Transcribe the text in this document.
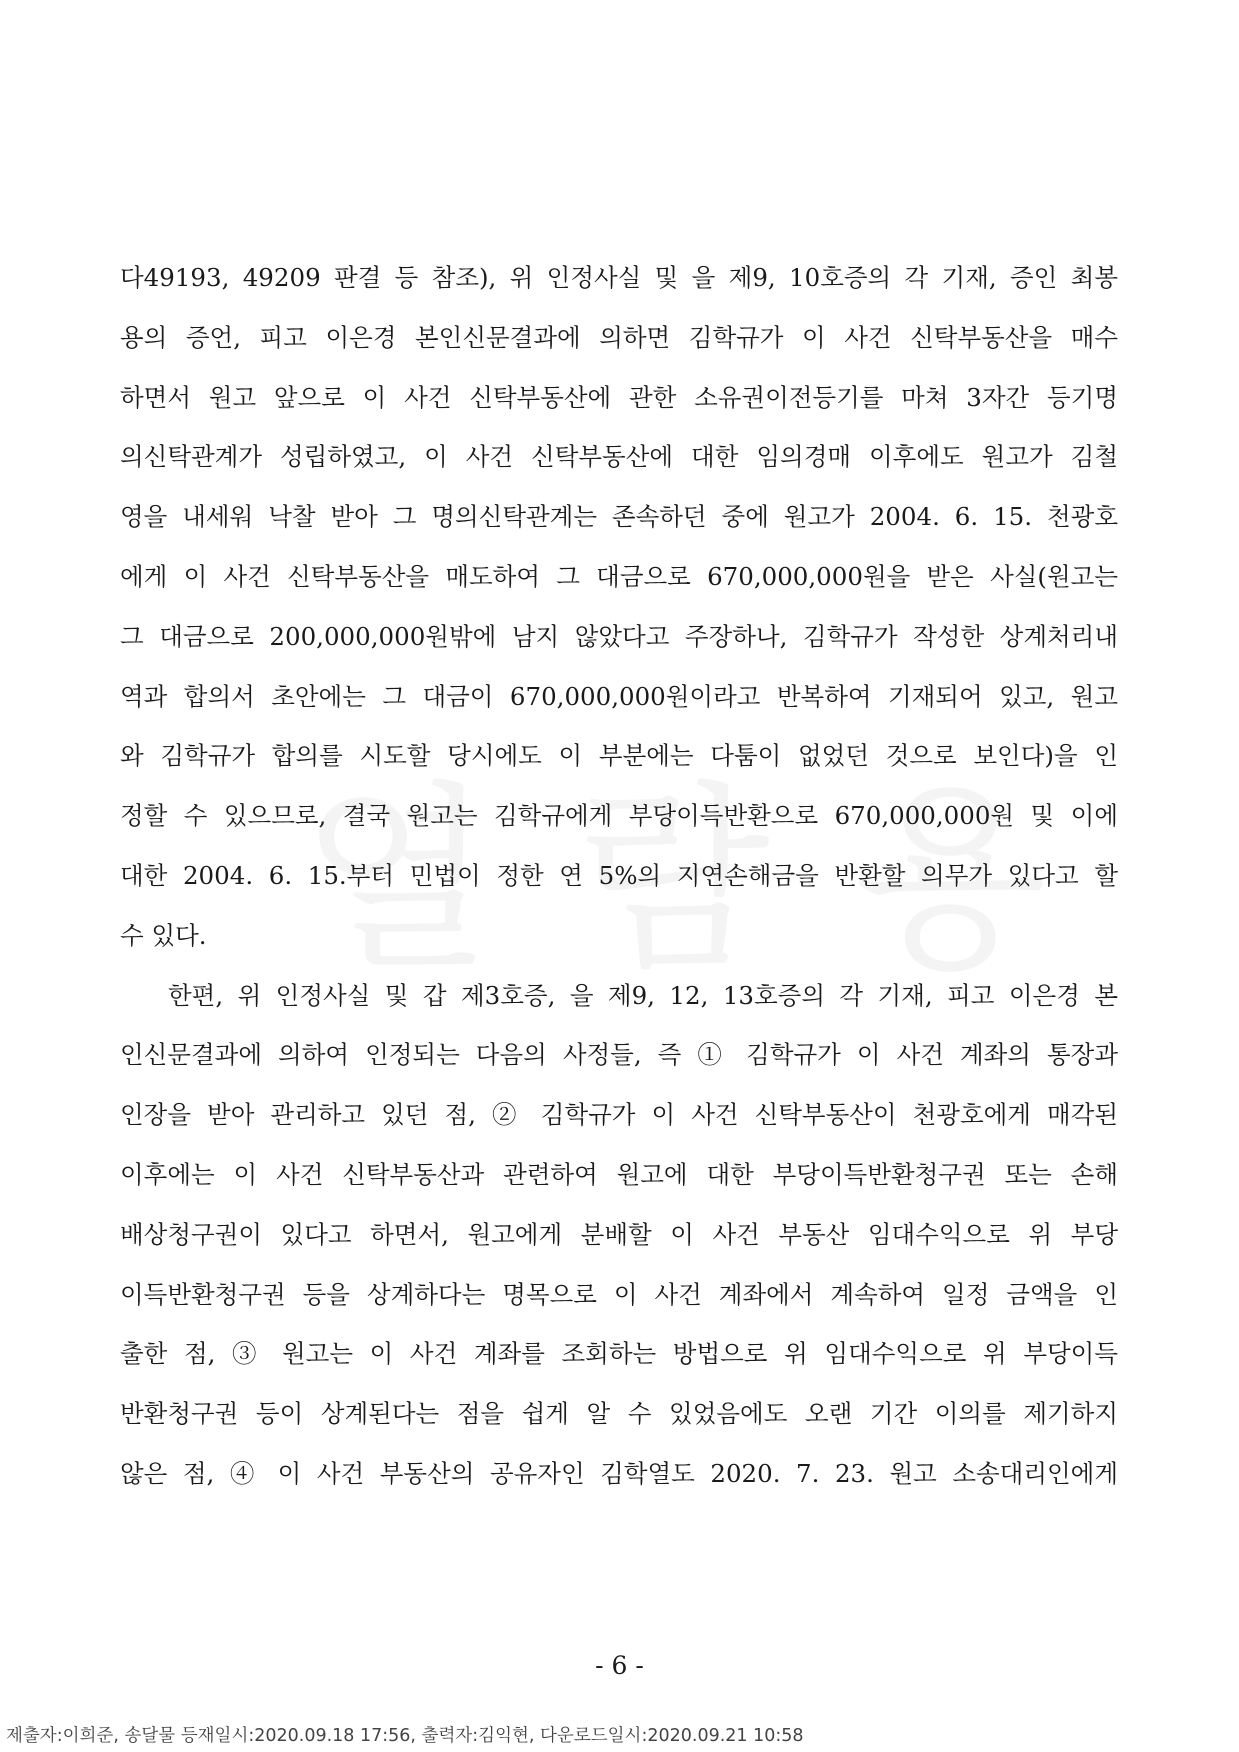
다49193, 49209 판결 등 참조), 위 인정사실 및 을 제9, 10호증의 각 기재, 증인 최봉
용의 증언, 피고 이은경 본인신문결과에 의하면 김학규가 이 사건 신탁부동산을 매수
하면서 원고 앞으로 이 사건 신탁부동산에 관한 소유권이전등기를 마쳐 3자간 등기명
의신탁관계가 성립하였고, 이 사건 신탁부동산에 대한 임의경매 이후에도 원고가 김철
영을 내세워 낙찰 받아 그 명의신탁관계는 존속하던 중에 원고가 2004. 6. 15. 천광호
에게 이 사건 신탁부동산을 매도하여 그 대금으로 670,000,000원을 받은 사실(원고는
그 대금으로 200,000,000원밖에 남지 않았다고 주장하나, 김학규가 작성한 상계처리내
역과 합의서 초안에는 그 대금이 670,000,000원이라고 반복하여 기재되어 있고, 원고
와 김학규가 합의를 시도할 당시에도 이 부분에는 다툼이 없었던 것으로 보인다)을 인
정할 수 있으므로, 결국 원고는 김학규에게 부당이득반환으로 670,000,000원 및 이에
대한 2004. 6. 15.부터 민법이 정한 연 5%의 지연손해금을 반환할 의무가 있다고 할
수 있다.
한편, 위 인정사실 및 갑 제3호증, 을 제9, 12, 13호증의 각 기재, 피고 이은경 본
인신문결과에 의하여 인정되는 다음의 사정들, 즉 ① 김학규가 이 사건 계좌의 통장과
인장을 받아 관리하고 있던 점, ② 김학규가 이 사건 신탁부동산이 천광호에게 매각된
이후에는 이 사건 신탁부동산과 관련하여 원고에 대한 부당이득반환청구권 또는 손해
배상청구권이 있다고 하면서, 원고에게 분배할 이 사건 부동산 임대수익으로 위 부당
이득반환청구권 등을 상계하다는 명목으로 이 사건 계좌에서 계속하여 일정 금액을 인
출한 점, ③ 원고는 이 사건 계좌를 조회하는 방법으로 위 임대수익으로 위 부당이득
반환청구권 등이 상계된다는 점을 쉽게 알 수 있었음에도 오랜 기간 이의를 제기하지
않은 점, ④ 이 사건 부동산의 공유자인 김학열도 2020. 7. 23. 원고 소송대리인에게
- 6 -
제출자:이희준, 송달물 등재일시:2020.09.18 17:56, 출력자:김익현, 다운로드일시:2020.09.21 10:58
